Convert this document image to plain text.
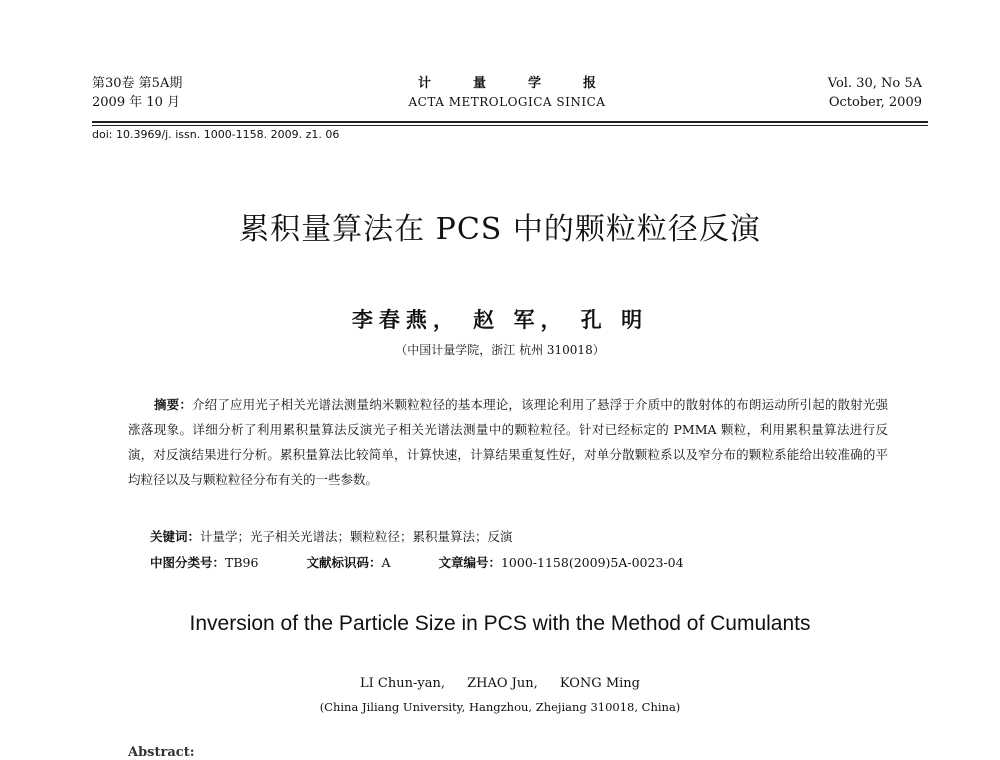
第30卷 第5A期
2009 年 10 月
计量学报
ACTA METROLOGICA SINICA
Vol. 30, No 5A
October, 2009
doi: 10.3969/j. issn. 1000-1158. 2009. z1. 06
累积量算法在 PCS 中的颗粒粒径反演
李春燕， 赵 军， 孔 明
（中国计量学院，浙江 杭州 310018）
摘要：介绍了应用光子相关光谱法测量纳米颗粒粒径的基本理论，该理论利用了悬浮于介质中的散射体的布朗运动所引起的散射光强涨落现象。详细分析了利用累积量算法反演光子相关光谱法测量中的颗粒粒径。针对已经标定的 PMMA 颗粒，利用累积量算法进行反演，对反演结果进行分析。累积量算法比较简单，计算快速，计算结果重复性好，对单分散颗粒系以及窄分布的颗粒系能给出较准确的平均粒径以及与颗粒粒径分布有关的一些参数。
关键词：计量学；光子相关光谱法；颗粒粒径；累积量算法；反演
中图分类号：TB96	文献标识码：A	文章编号：1000-1158(2009)5A-0023-04
Inversion of the Particle Size in PCS with the Method of Cumulants
LI Chun-yan, ZHAO Jun, KONG Ming
(China Jiliang University, Hangzhou, Zhejiang 310018, China)
Abstract:
